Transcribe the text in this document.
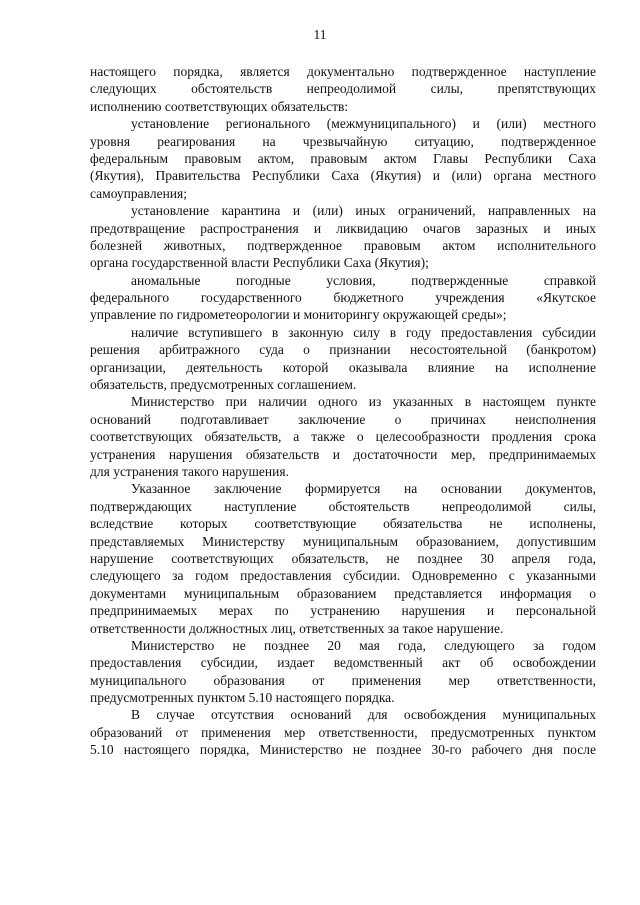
11
настоящего порядка, является документально подтвержденное наступление
следующих обстоятельств непреодолимой силы, препятствующих
исполнению соответствующих обязательств:
установление регионального (межмуниципального) и (или) местного
уровня реагирования на чрезвычайную ситуацию, подтвержденное
федеральным правовым актом, правовым актом Главы Республики Саха
(Якутия), Правительства Республики Саха (Якутия) и (или) органа местного
самоуправления;
установление карантина и (или) иных ограничений, направленных на
предотвращение распространения и ликвидацию очагов заразных и иных
болезней животных, подтвержденное правовым актом исполнительного
органа государственной власти Республики Саха (Якутия);
аномальные погодные условия, подтвержденные справкой
федерального государственного бюджетного учреждения «Якутское
управление по гидрометеорологии и мониторингу окружающей среды»;
наличие вступившего в законную силу в году предоставления субсидии
решения арбитражного суда о признании несостоятельной (банкротом)
организации, деятельность которой оказывала влияние на исполнение
обязательств, предусмотренных соглашением.
Министерство при наличии одного из указанных в настоящем пункте
оснований подготавливает заключение о причинах неисполнения
соответствующих обязательств, а также о целесообразности продления срока
устранения нарушения обязательств и достаточности мер, предпринимаемых
для устранения такого нарушения.
Указанное заключение формируется на основании документов,
подтверждающих наступление обстоятельств непреодолимой силы,
вследствие которых соответствующие обязательства не исполнены,
представляемых Министерству муниципальным образованием, допустившим
нарушение соответствующих обязательств, не позднее 30 апреля года,
следующего за годом предоставления субсидии. Одновременно с указанными
документами муниципальным образованием представляется информация о
предпринимаемых мерах по устранению нарушения и персональной
ответственности должностных лиц, ответственных за такое нарушение.
Министерство не позднее 20 мая года, следующего за годом
предоставления субсидии, издает ведомственный акт об освобождении
муниципального образования от применения мер ответственности,
предусмотренных пунктом 5.10 настоящего порядка.
В случае отсутствия оснований для освобождения муниципальных
образований от применения мер ответственности, предусмотренных пунктом
5.10 настоящего порядка, Министерство не позднее 30-го рабочего дня после
